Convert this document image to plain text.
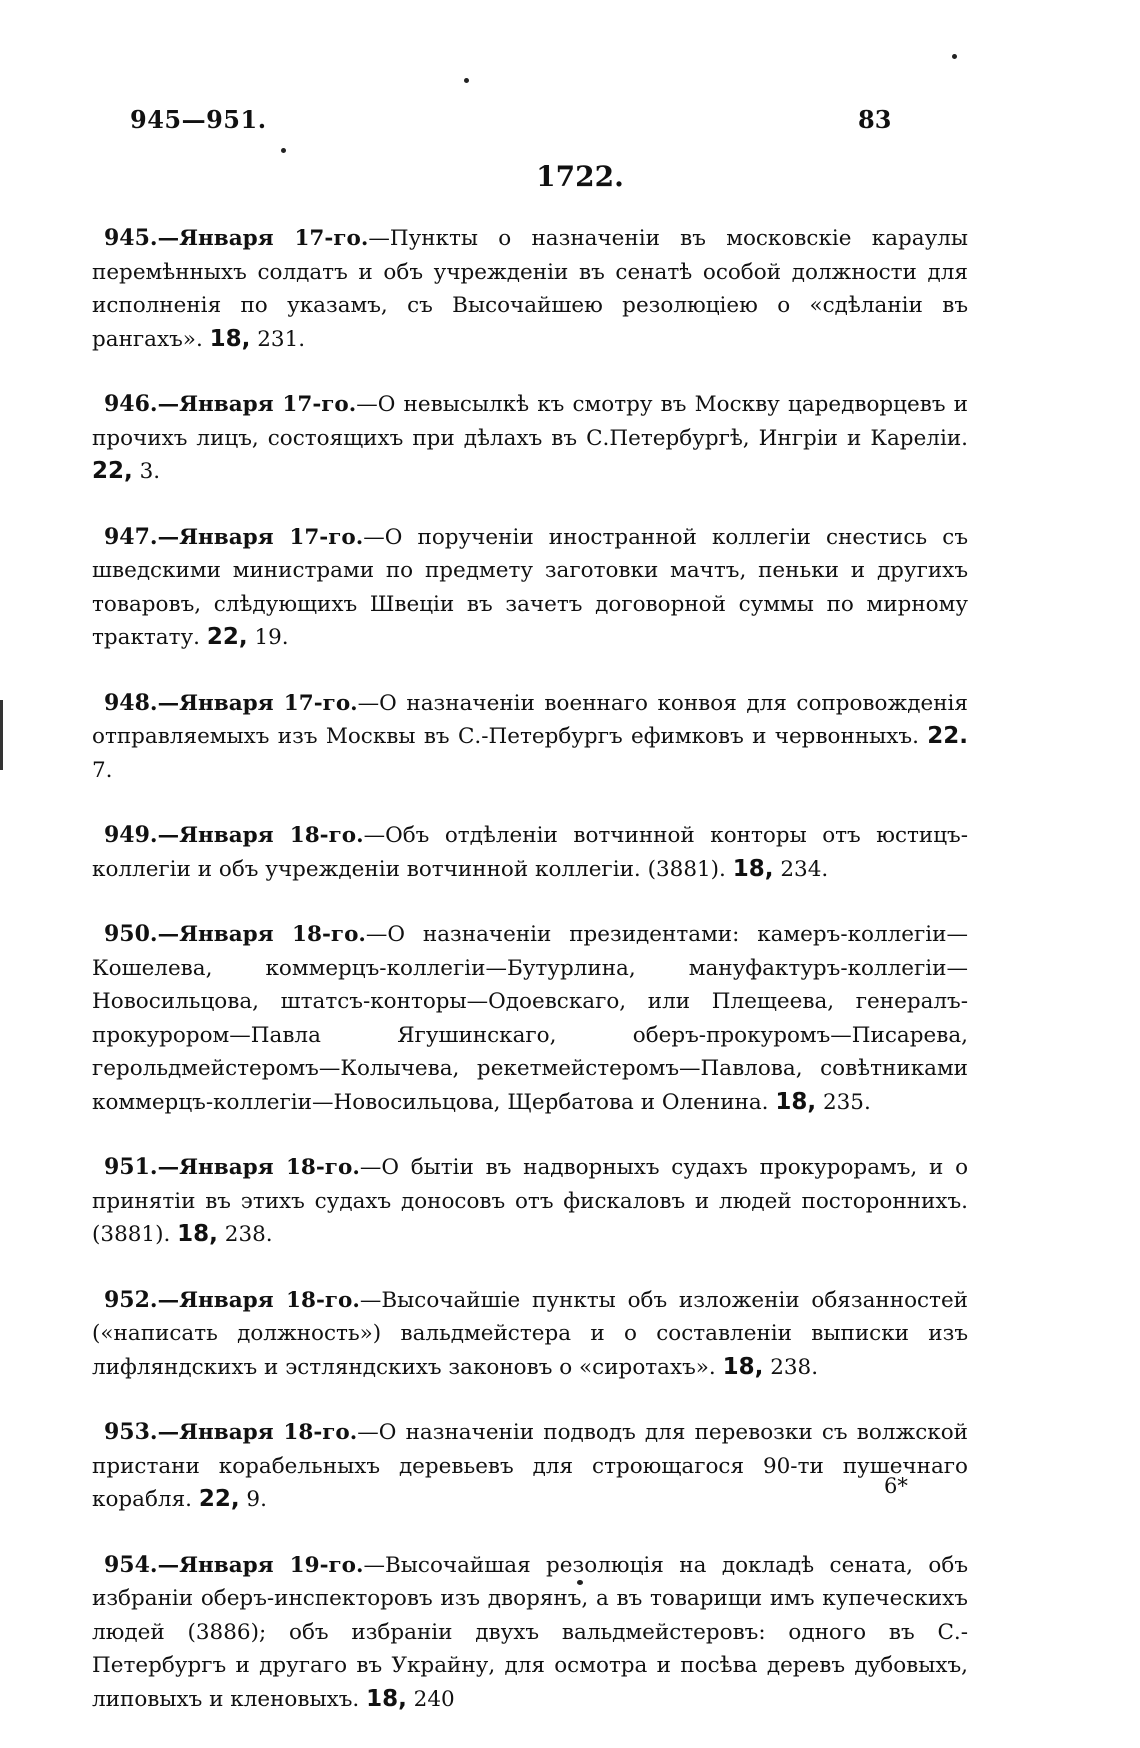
945—951.	83
1722.

945.—Января 17-го.—Пункты о назначеніи въ московскіе караулы перемѣнныхъ солдатъ и объ учрежденіи въ сенатѣ особой должности для исполненія по указамъ, съ Высочайшею резолюціею о «сдѣланіи въ рангахъ». 18, 231.

946.—Января 17-го.—О невысылкѣ къ смотру въ Москву царедворцевъ и прочихъ лицъ, состоящихъ при дѣлахъ въ С.Петербургѣ, Ингріи и Кареліи. 22, 3.

947.—Января 17-го.—О порученіи иностранной коллегіи снестись съ шведскими министрами по предмету заготовки мачтъ, пеньки и другихъ товаровъ, слѣдующихъ Швеціи въ зачетъ договорной суммы по мирному трактату. 22, 19.

948.—Января 17-го.—О назначеніи военнаго конвоя для сопровожденія отправляемыхъ изъ Москвы въ С.-Петербургъ ефимковъ и червонныхъ. 22. 7.

949.—Января 18-го.—Объ отдѣленіи вотчинной конторы отъ юстицъ-коллегіи и объ учрежденіи вотчинной коллегіи. (3881). 18, 234.

950.—Января 18-го.—О назначеніи президентами: камеръ-коллегіи—Кошелева, коммерцъ-коллегіи—Бутурлина, мануфактуръ-коллегіи—Новосильцова, штатсъ-конторы—Одоевскаго, или Плещеева, генералъ-прокурором—Павла Ягушинскаго, оберъ-прокуромъ—Писарева, герольдмейстеромъ—Колычева, рекетмейстеромъ—Павлова, совѣтниками коммерцъ-коллегіи—Новосильцова, Щербатова и Оленина. 18, 235.

951.—Января 18-го.—О бытіи въ надворныхъ судахъ прокурорамъ, и о принятіи въ этихъ судахъ доносовъ отъ фискаловъ и людей постороннихъ. (3881). 18, 238.

952.—Января 18-го.—Высочайшіе пункты объ изложеніи обязанностей («написать должность») вальдмейстера и о составленіи выписки изъ лифляндскихъ и эстляндскихъ законовъ о «сиротахъ». 18, 238.

953.—Января 18-го.—О назначеніи подводъ для перевозки съ волжской пристани корабельныхъ деревьевъ для строющагося 90-ти пушечнаго корабля. 22, 9.

954.—Января 19-го.—Высочайшая резолюція на докладѣ сената, объ избраніи оберъ-инспекторовъ изъ дворянъ, а въ товарищи имъ купеческихъ людей (3886); объ избраніи двухъ вальдмейстеровъ: одного въ С.-Петербургъ и другаго въ Украйну, для осмотра и посѣва деревъ дубовыхъ, липовыхъ и кленовыхъ. 18, 240

6*
